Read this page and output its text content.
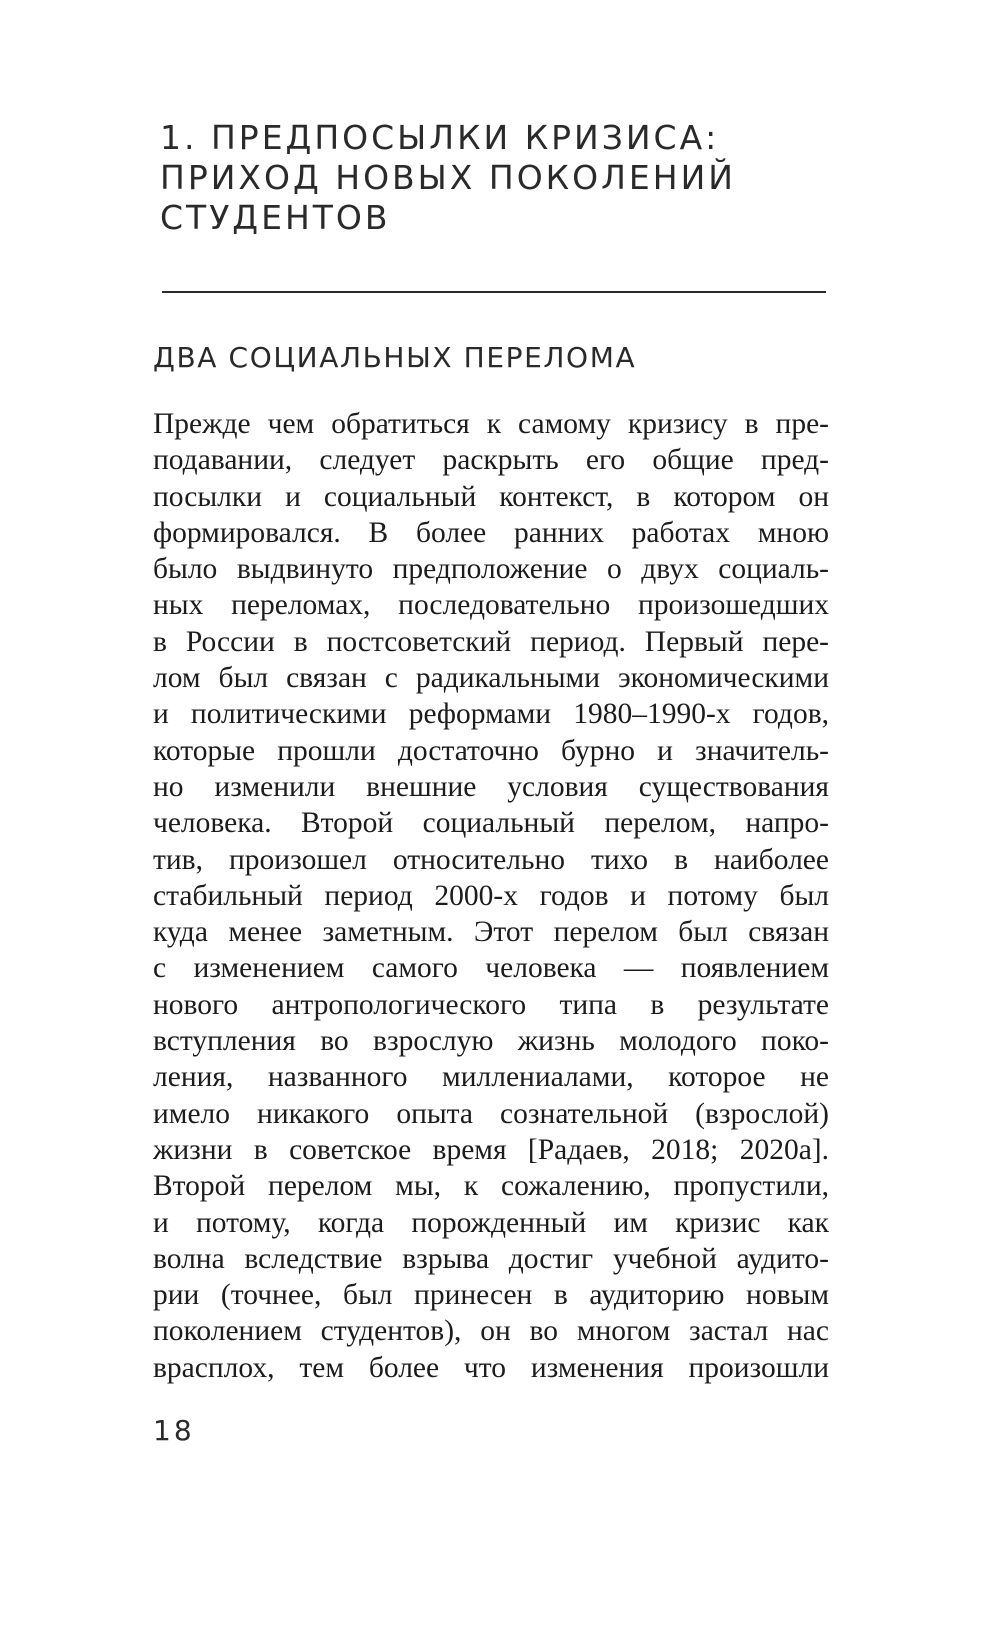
1. ПРЕДПОСЫЛКИ КРИЗИСА:
ПРИХОД НОВЫХ ПОКОЛЕНИЙ
СТУДЕНТОВ
ДВА СОЦИАЛЬНЫХ ПЕРЕЛОМА
Прежде чем обратиться к самому кризису в пре-
подавании, следует раскрыть его общие пред-
посылки и социальный контекст, в котором он
формировался. В более ранних работах мною
было выдвинуто предположение о двух социаль-
ных переломах, последовательно произошедших
в России в постсоветский период. Первый пере-
лом был связан с радикальными экономическими
и политическими реформами 1980–1990-х годов,
которые прошли достаточно бурно и значитель-
но изменили внешние условия существования
человека. Второй социальный перелом, напро-
тив, произошел относительно тихо в наиболее
стабильный период 2000-х годов и потому был
куда менее заметным. Этот перелом был связан
с изменением самого человека — появлением
нового антропологического типа в результате
вступления во взрослую жизнь молодого поко-
ления, названного миллениалами, которое не
имело никакого опыта сознательной (взрослой)
жизни в советское время [Радаев, 2018; 2020а].
Второй перелом мы, к сожалению, пропустили,
и потому, когда порожденный им кризис как
волна вследствие взрыва достиг учебной аудито-
рии (точнее, был принесен в аудиторию новым
поколением студентов), он во многом застал нас
врасплох, тем более что изменения произошли
18
